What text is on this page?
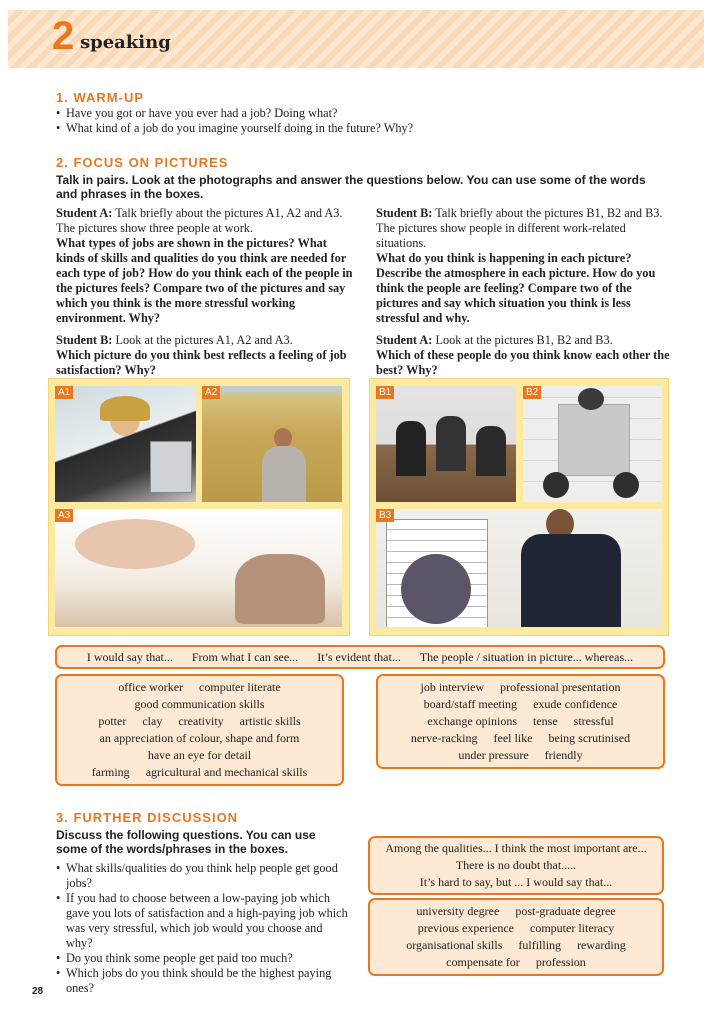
2 speaking
1. WARM-UP
• Have you got or have you ever had a job? Doing what?
• What kind of a job do you imagine yourself doing in the future? Why?
2. FOCUS ON PICTURES
Talk in pairs. Look at the photographs and answer the questions below. You can use some of the words and phrases in the boxes.
Student A: Talk briefly about the pictures A1, A2 and A3. The pictures show three people at work.
What types of jobs are shown in the pictures? What kinds of skills and qualities do you think are needed for each type of job? How do you think each of the people in the pictures feels? Compare two of the pictures and say which you think is the more stressful working environment. Why?
Student B: Look at the pictures A1, A2 and A3.
Which picture do you think best reflects a feeling of job satisfaction? Why?
Student B: Talk briefly about the pictures B1, B2 and B3. The pictures show people in different work-related situations.
What do you think is happening in each picture? Describe the atmosphere in each picture. How do you think the people are feeling? Compare two of the pictures and say which situation you think is less stressful and why.
Student A: Look at the pictures B1, B2 and B3.
Which of these people do you think know each other the best? Why?
A1	A2
A3
B1	B2
B3
I would say that... From what I can see... It’s evident that... The people / situation in picture... whereas...
office worker computer literate
good communication skills
potter clay creativity artistic skills
an appreciation of colour, shape and form
have an eye for detail
farming agricultural and mechanical skills
job interview professional presentation
board/staff meeting exude confidence
exchange opinions tense stressful
nerve-racking feel like being scrutinised
under pressure friendly
3. FURTHER DISCUSSION
Discuss the following questions. You can use some of the words/phrases in the boxes.
• What skills/qualities do you think help people get good jobs?
• If you had to choose between a low-paying job which gave you lots of satisfaction and a high-paying job which was very stressful, which job would you choose and why?
• Do you think some people get paid too much?
• Which jobs do you think should be the highest paying ones?
Among the qualities... I think the most important are...
There is no doubt that.....
It’s hard to say, but ... I would say that...
university degree post-graduate degree
previous experience computer literacy
organisational skills fulfilling rewarding
compensate for profession
28
